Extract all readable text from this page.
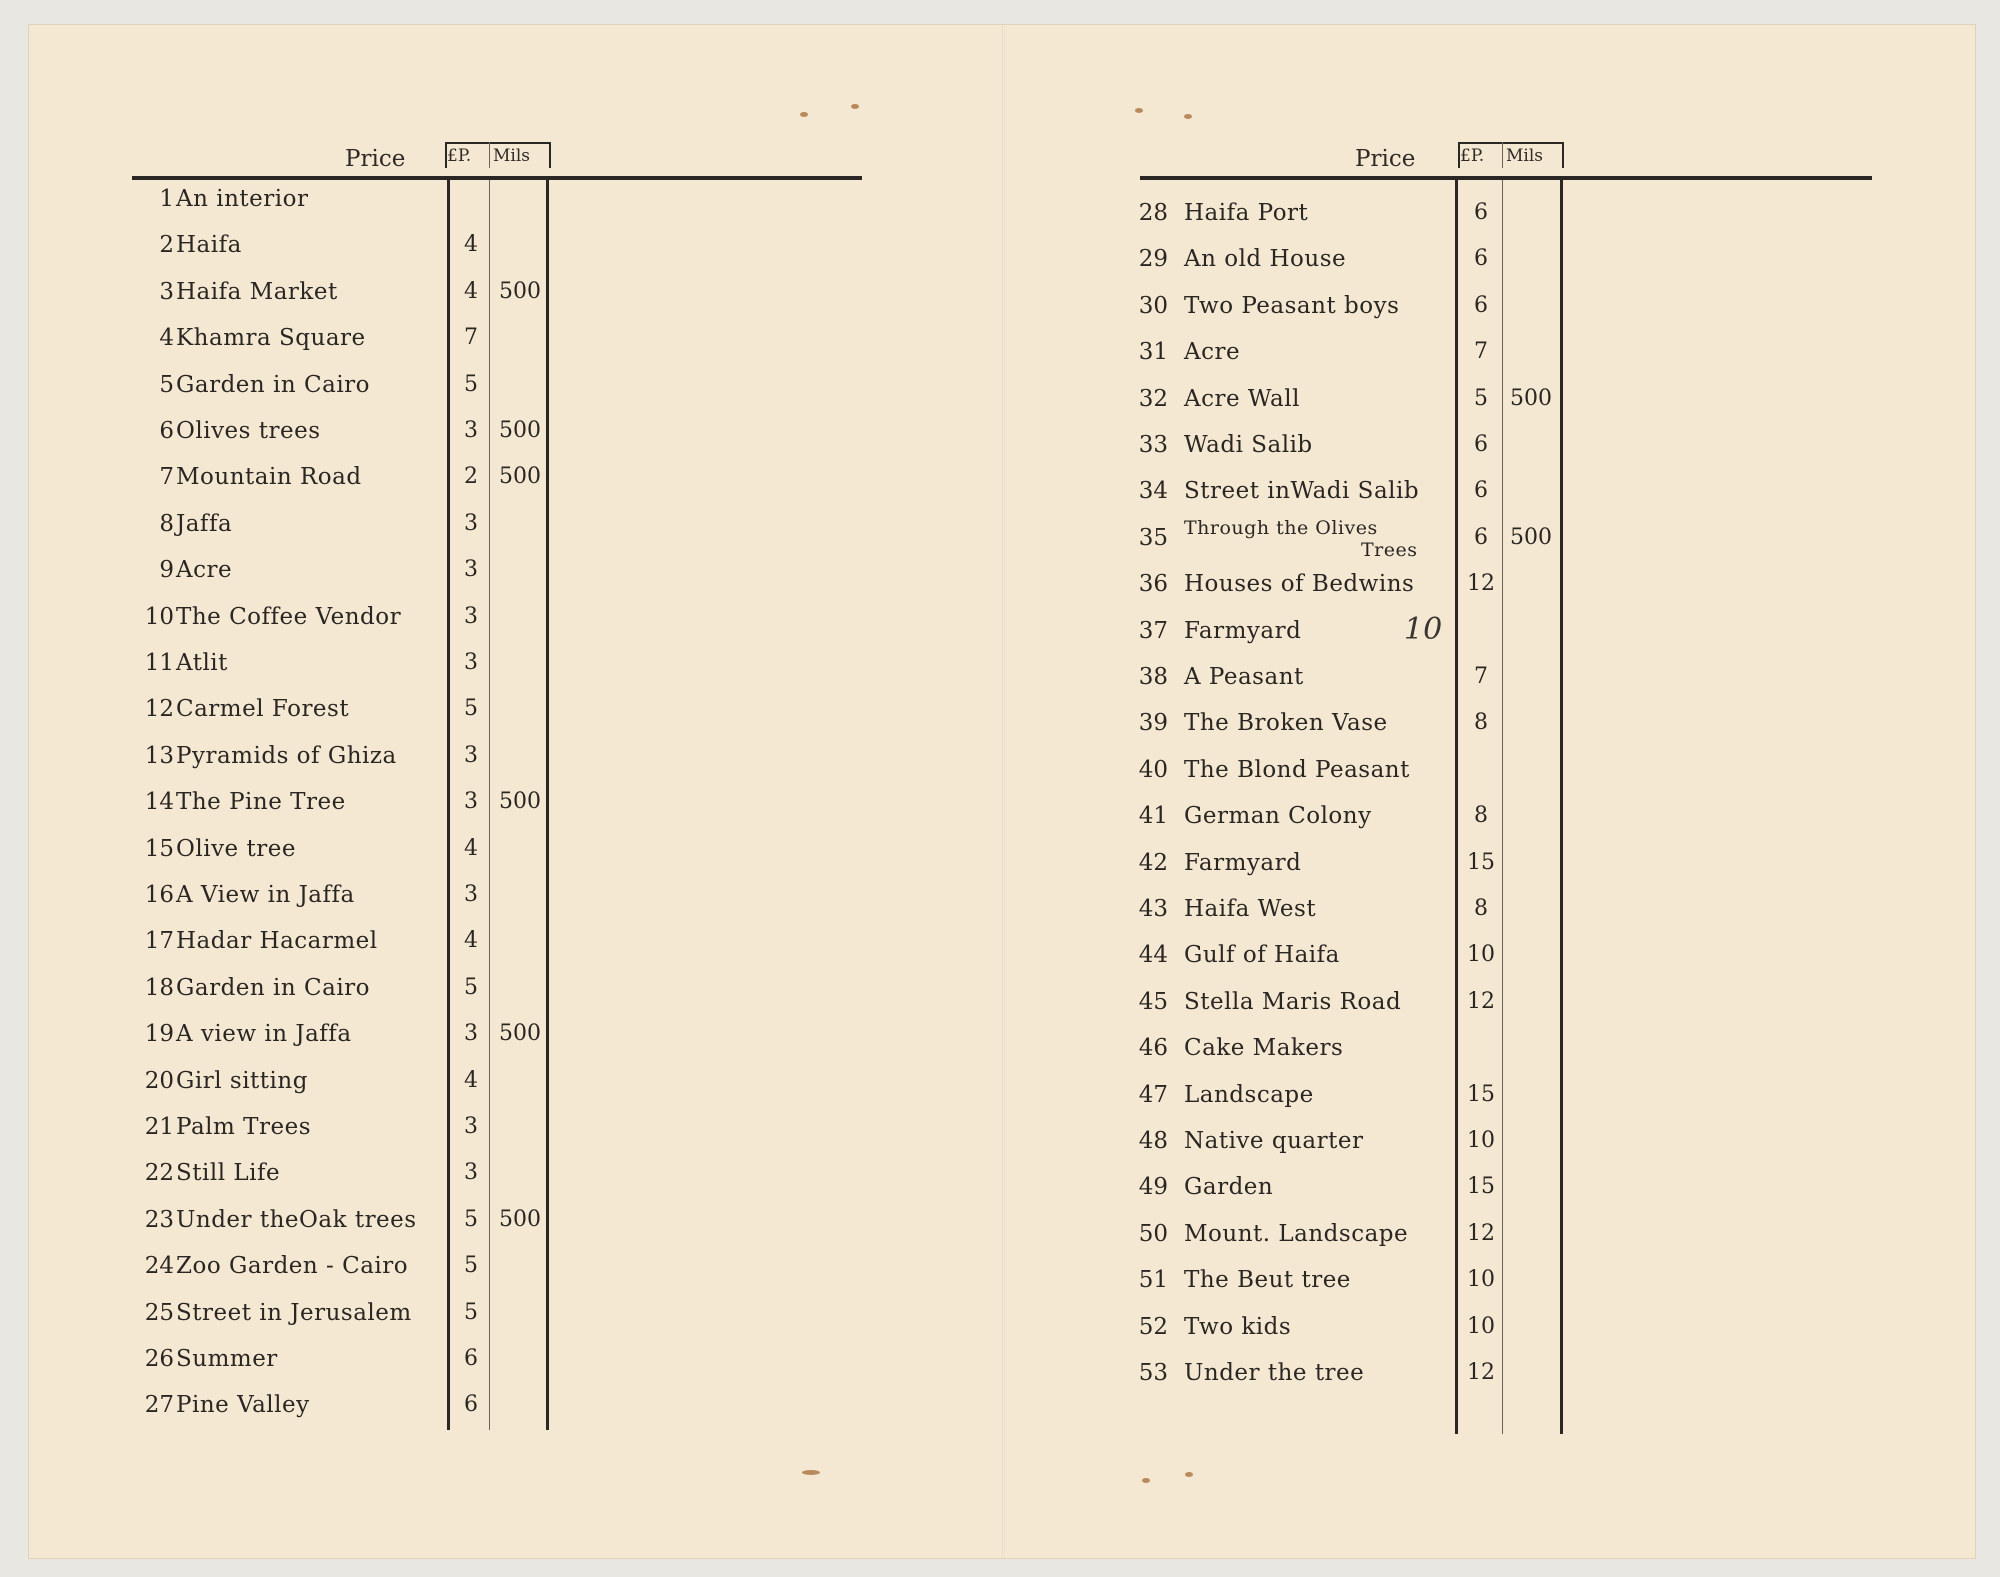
Price £P. Mils	Price	£P. Mils
1 An interior
2 Haifa	4
3 Haifa Market	4 500
4 Khamra Square	7
5 Garden in Cairo	5
6 Olives trees	3 500
7 Mountain Road	2 500
8 Jaffa	3
9 Acre	3
10 The Coffee Vendor	3
11 Atlit	3
12 Carmel Forest	5
13 Pyramids of Ghiza	3
14 The Pine Tree	3 500
15 Olive tree	4
16 A View in Jaffa	3
17 Hadar Hacarmel	4
18 Garden in Cairo	5
19 A view in Jaffa	3 500
20 Girl sitting	4
21 Palm Trees	3
22 Still Life	3
23 Under theOak trees	5 500
24 Zoo Garden - Cairo	5
25 Street in Jerusalem	5
26 Summer	6
27 Pine Valley	6
28 Haifa Port	6
29 An old House	6
30 Two Peasant boys	6
31 Acre	7
32 Acre Wall	5	500
33 Wadi Salib	6
34 Street inWadi Salib	6
35 Through the Olives
Trees	6	500
36 Houses of Bedwins 12
37 Farmyard	10
38 A Peasant	7
39 The Broken Vase	8
40 The Blond Peasant
41 German Colony	8
42 Farmyard	15
43 Haifa West	8
44 Gulf of Haifa	10
45 Stella Maris Road	12
46 Cake Makers
47 Landscape	15
48 Native quarter	10
49 Garden	15
50 Mount. Landscape	12
51 The Beut tree	10
52 Two kids	10
53 Under the tree	12
